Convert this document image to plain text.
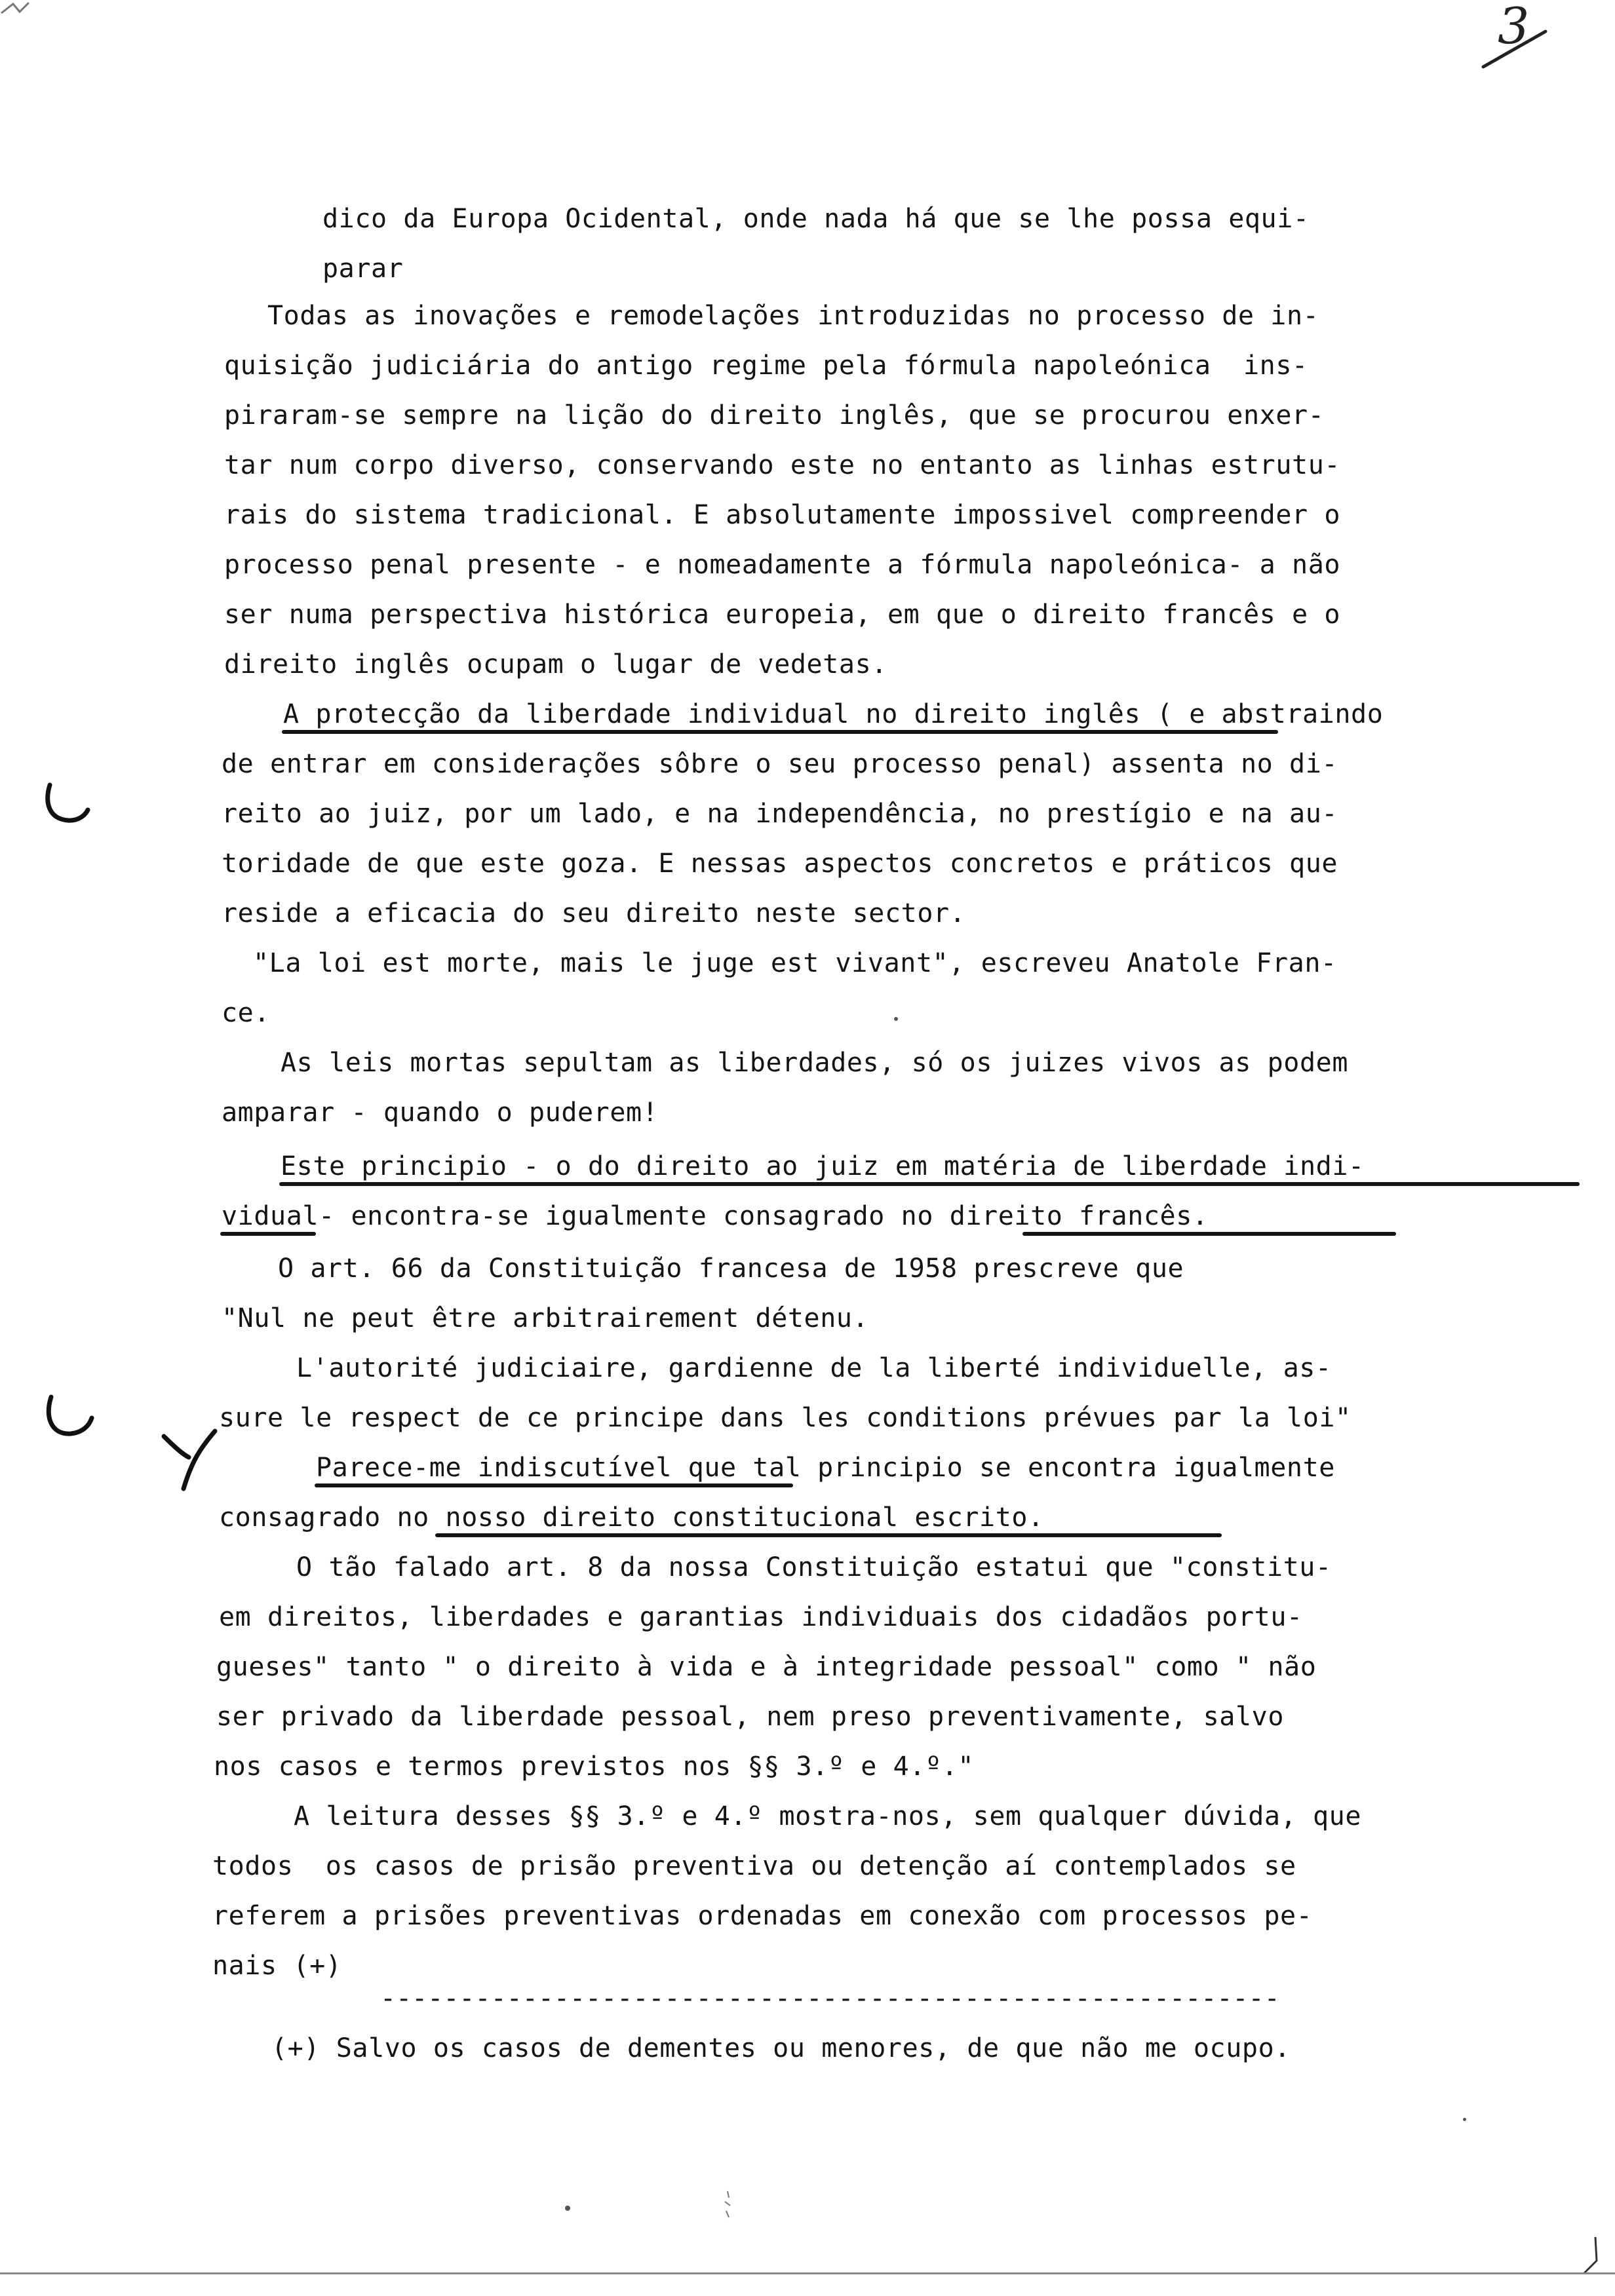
3
dico da Europa Ocidental, onde nada há que se lhe possa equi-
parar
Todas as inovações e remodelações introduzidas no processo de in-
quisição judiciária do antigo regime pela fórmula napoleónica  ins-
piraram-se sempre na lição do direito inglês, que se procurou enxer-
tar num corpo diverso, conservando este no entanto as linhas estrutu-
rais do sistema tradicional. E absolutamente impossivel compreender o
processo penal presente - e nomeadamente a fórmula napoleónica- a não
ser numa perspectiva histórica europeia, em que o direito francês e o
direito inglês ocupam o lugar de vedetas.
A protecção da liberdade individual no direito inglês ( e abstraindo
de entrar em considerações sôbre o seu processo penal) assenta no di-
reito ao juiz, por um lado, e na independência, no prestígio e na au-
toridade de que este goza. E nessas aspectos concretos e práticos que
reside a eficacia do seu direito neste sector.
"La loi est morte, mais le juge est vivant", escreveu Anatole Fran-
ce.
As leis mortas sepultam as liberdades, só os juizes vivos as podem
amparar - quando o puderem!
Este principio - o do direito ao juiz em matéria de liberdade indi-
vidual- encontra-se igualmente consagrado no direito francês.
O art. 66 da Constituição francesa de 1958 prescreve que
"Nul ne peut être arbitrairement détenu.
L'autorité judiciaire, gardienne de la liberté individuelle, as-
sure le respect de ce principe dans les conditions prévues par la loi"
Parece-me indiscutível que tal principio se encontra igualmente
consagrado no nosso direito constitucional escrito.
O tão falado art. 8 da nossa Constituição estatui que "constitu-
em direitos, liberdades e garantias individuais dos cidadãos portu-
gueses" tanto " o direito à vida e à integridade pessoal" como " não
ser privado da liberdade pessoal, nem preso preventivamente, salvo
nos casos e termos previstos nos §§ 3.º e 4.º."
A leitura desses §§ 3.º e 4.º mostra-nos, sem qualquer dúvida, que
todos  os casos de prisão preventiva ou detenção aí contemplados se
referem a prisões preventivas ordenadas em conexão com processos pe-
nais (+)
---------------------------------------------------------
(+) Salvo os casos de dementes ou menores, de que não me ocupo.
